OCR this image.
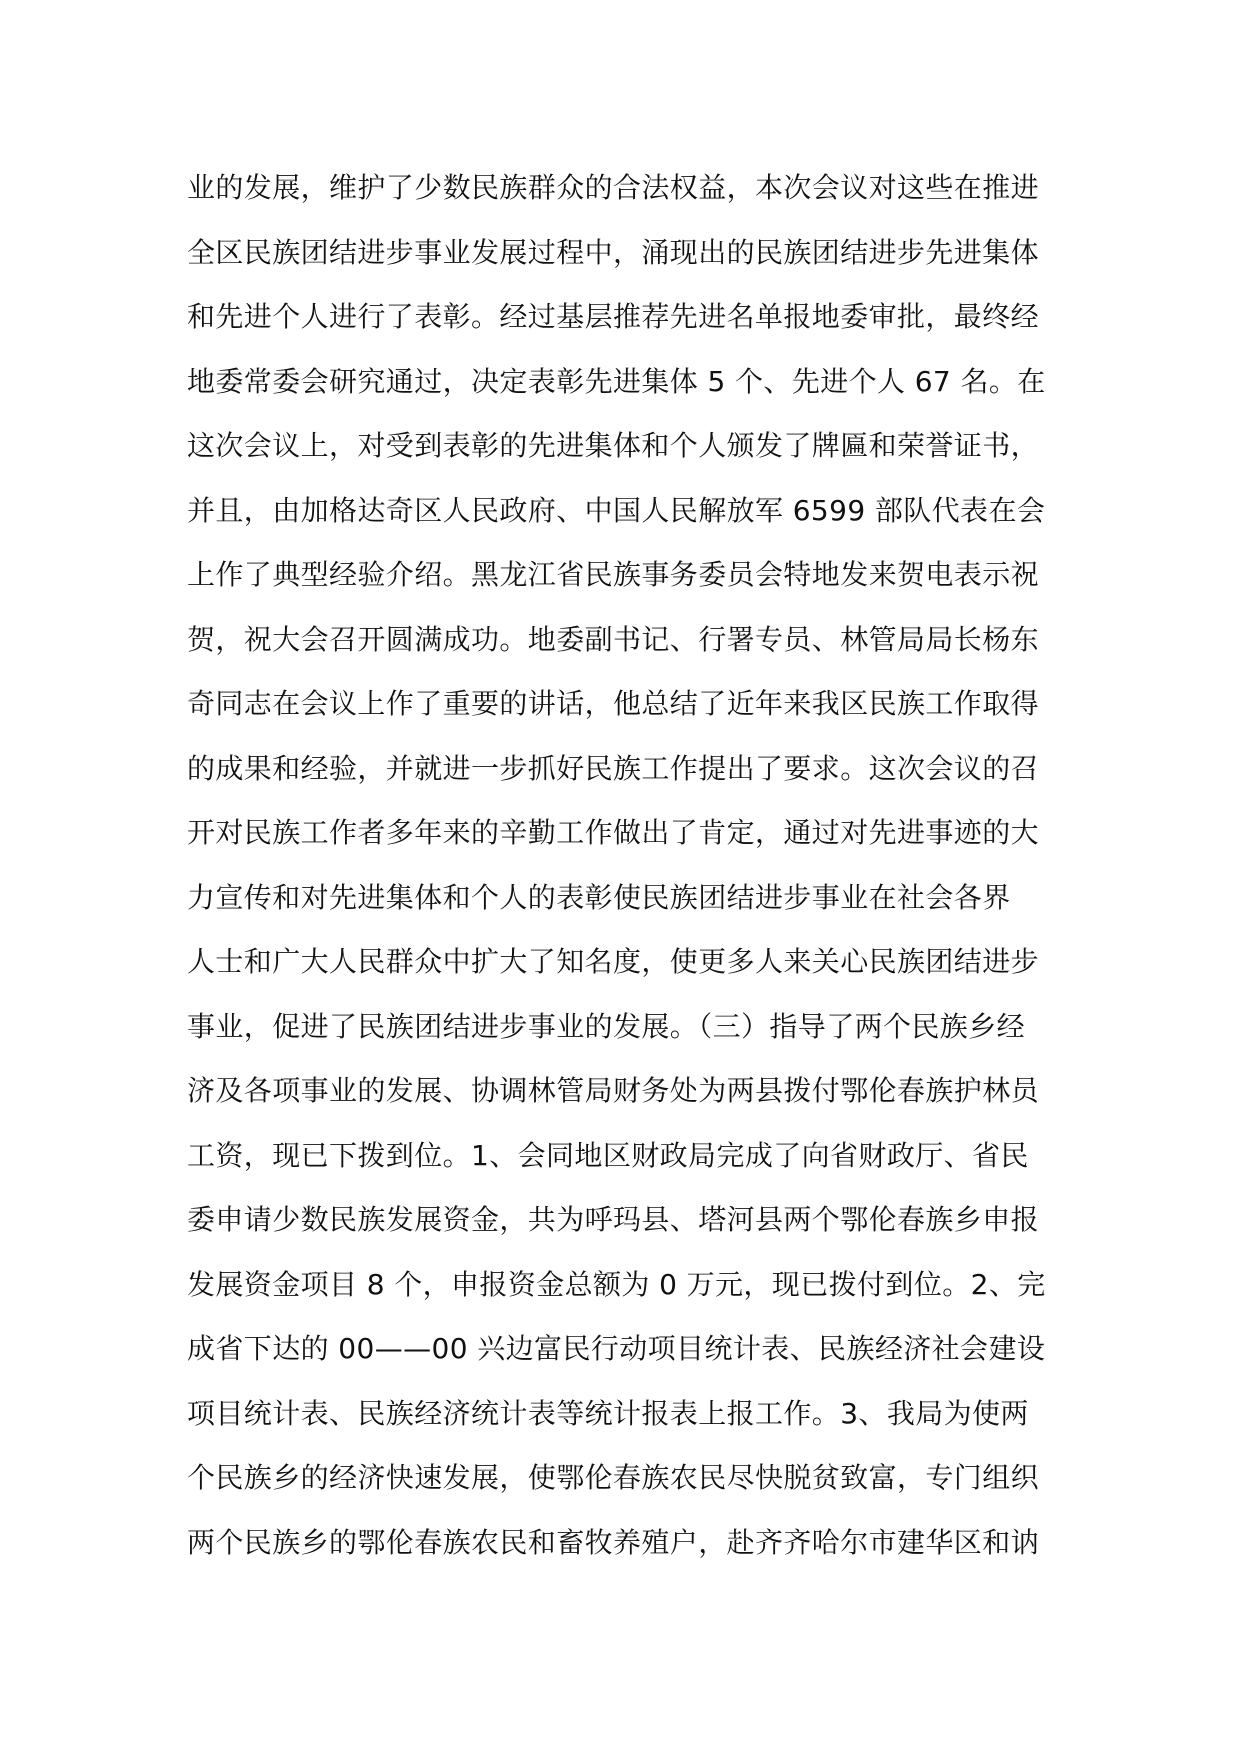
业的发展，维护了少数民族群众的合法权益，本次会议对这些在推进
全区民族团结进步事业发展过程中，涌现出的民族团结进步先进集体
和先进个人进行了表彰。经过基层推荐先进名单报地委审批，最终经
地委常委会研究通过，决定表彰先进集体 5 个、先进个人 67 名。在
这次会议上，对受到表彰的先进集体和个人颁发了牌匾和荣誉证书，
并且，由加格达奇区人民政府、中国人民解放军 6599 部队代表在会
上作了典型经验介绍。黑龙江省民族事务委员会特地发来贺电表示祝
贺，祝大会召开圆满成功。地委副书记、行署专员、林管局局长杨东
奇同志在会议上作了重要的讲话，他总结了近年来我区民族工作取得
的成果和经验，并就进一步抓好民族工作提出了要求。这次会议的召
开对民族工作者多年来的辛勤工作做出了肯定，通过对先进事迹的大
力宣传和对先进集体和个人的表彰使民族团结进步事业在社会各界
人士和广大人民群众中扩大了知名度，使更多人来关心民族团结进步
事业，促进了民族团结进步事业的发展。（三）指导了两个民族乡经
济及各项事业的发展、协调林管局财务处为两县拨付鄂伦春族护林员
工资，现已下拨到位。1、会同地区财政局完成了向省财政厅、省民
委申请少数民族发展资金，共为呼玛县、塔河县两个鄂伦春族乡申报
发展资金项目 8 个，申报资金总额为 0 万元，现已拨付到位。2、完
成省下达的 00——00 兴边富民行动项目统计表、民族经济社会建设
项目统计表、民族经济统计表等统计报表上报工作。3、我局为使两
个民族乡的经济快速发展，使鄂伦春族农民尽快脱贫致富，专门组织
两个民族乡的鄂伦春族农民和畜牧养殖户，赴齐齐哈尔市建华区和讷
